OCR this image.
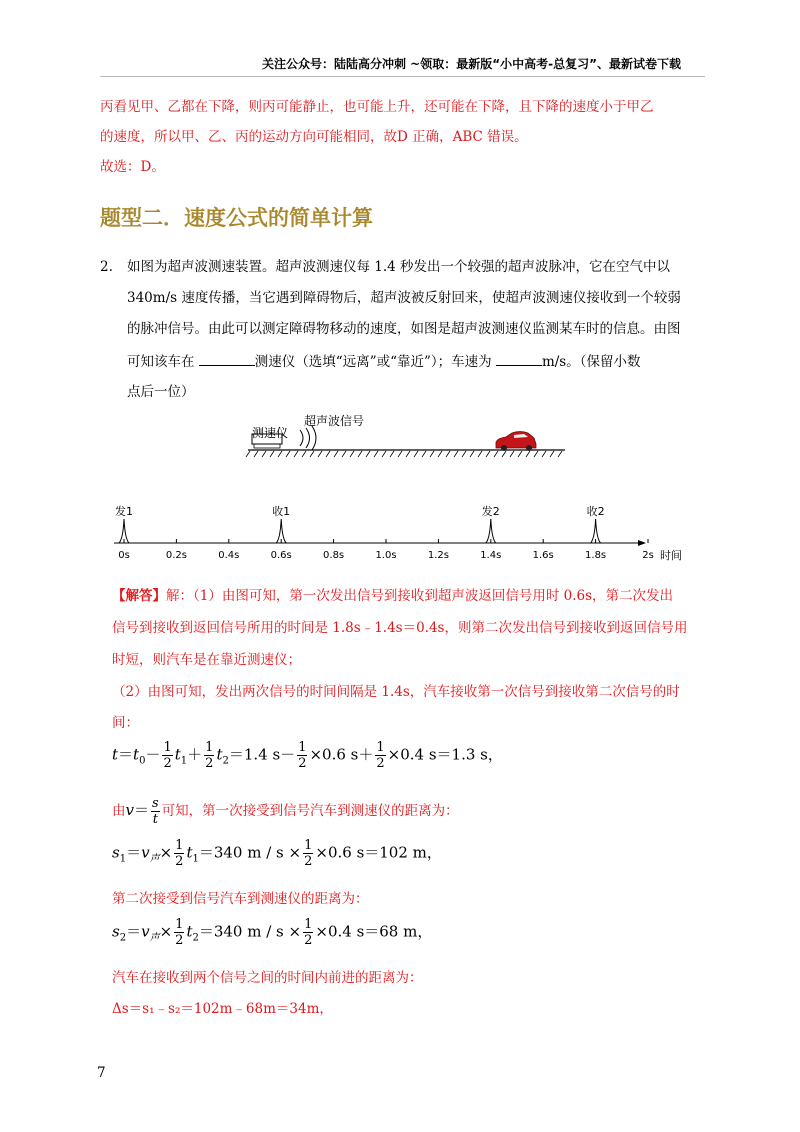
关注公众号：陆陆高分冲刺 ~领取：最新版“小中高考-总复习”、最新试卷下载
丙看见甲、乙都在下降，则丙可能静止，也可能上升，还可能在下降，且下降的速度小于甲乙
的速度，所以甲、乙、丙的运动方向可能相同，故D 正确，ABC 错误。
故选：D。
题型二．速度公式的简单计算
2. 如图为超声波测速装置。超声波测速仪每 1.4 秒发出一个较强的超声波脉冲，它在空气中以
340m/s 速度传播，当它遇到障碍物后，超声波被反射回来，使超声波测速仪接收到一个较弱
的脉冲信号。由此可以测定障碍物移动的速度，如图是超声波测速仪监测某车时的信息。由图
可知该车在	测速仪（选填“远离”或“靠近”）；车速为	m/s。（保留小数
点后一位）
测速仪
超声波信号
0s	0.2s	0.4s	0.6s	0.8s	1.0s	1.2s	1.4s	1.6s	1.8s	2s
发1	收1	发2	收2
时间
【解答】解：（1）由图可知，第一次发出信号到接收到超声波返回信号用时 0.6s，第二次发出
信号到接收到返回信号所用的时间是 1.8s﹣1.4s＝0.4s，则第二次发出信号到接收到返回信号用
时短，则汽车是在靠近测速仪；
（2）由图可知，发出两次信号的时间间隔是 1.4s，汽车接收第一次信号到接收第二次信号的时
间：
$t=t_0- \frac{1}{2} t_1+ \frac{1}{2} t_2=1.4$ $s- \frac{1}{2} \times 0.6$ $s+ \frac{1}{2} \times 0.4$ s＝1.3 s，
由$v= \frac{s}{t}$ 可知，第一次接受到信号汽车到测速仪的距离为：
$s_1=v_声\times \frac{1}{2} t_1=340$ $m / s \times \frac{1}{2} \times 0.6$ s＝102 m，
第二次接受到信号汽车到测速仪的距离为：
$s_2=v_声\times \frac{1}{2} t_2=340$ $m / s \times \frac{1}{2} \times 0.4$ s＝68 m，
汽车在接收到两个信号之间的时间内前进的距离为：
Δs＝s₁﹣s₂＝102m﹣68m＝34m，
7
